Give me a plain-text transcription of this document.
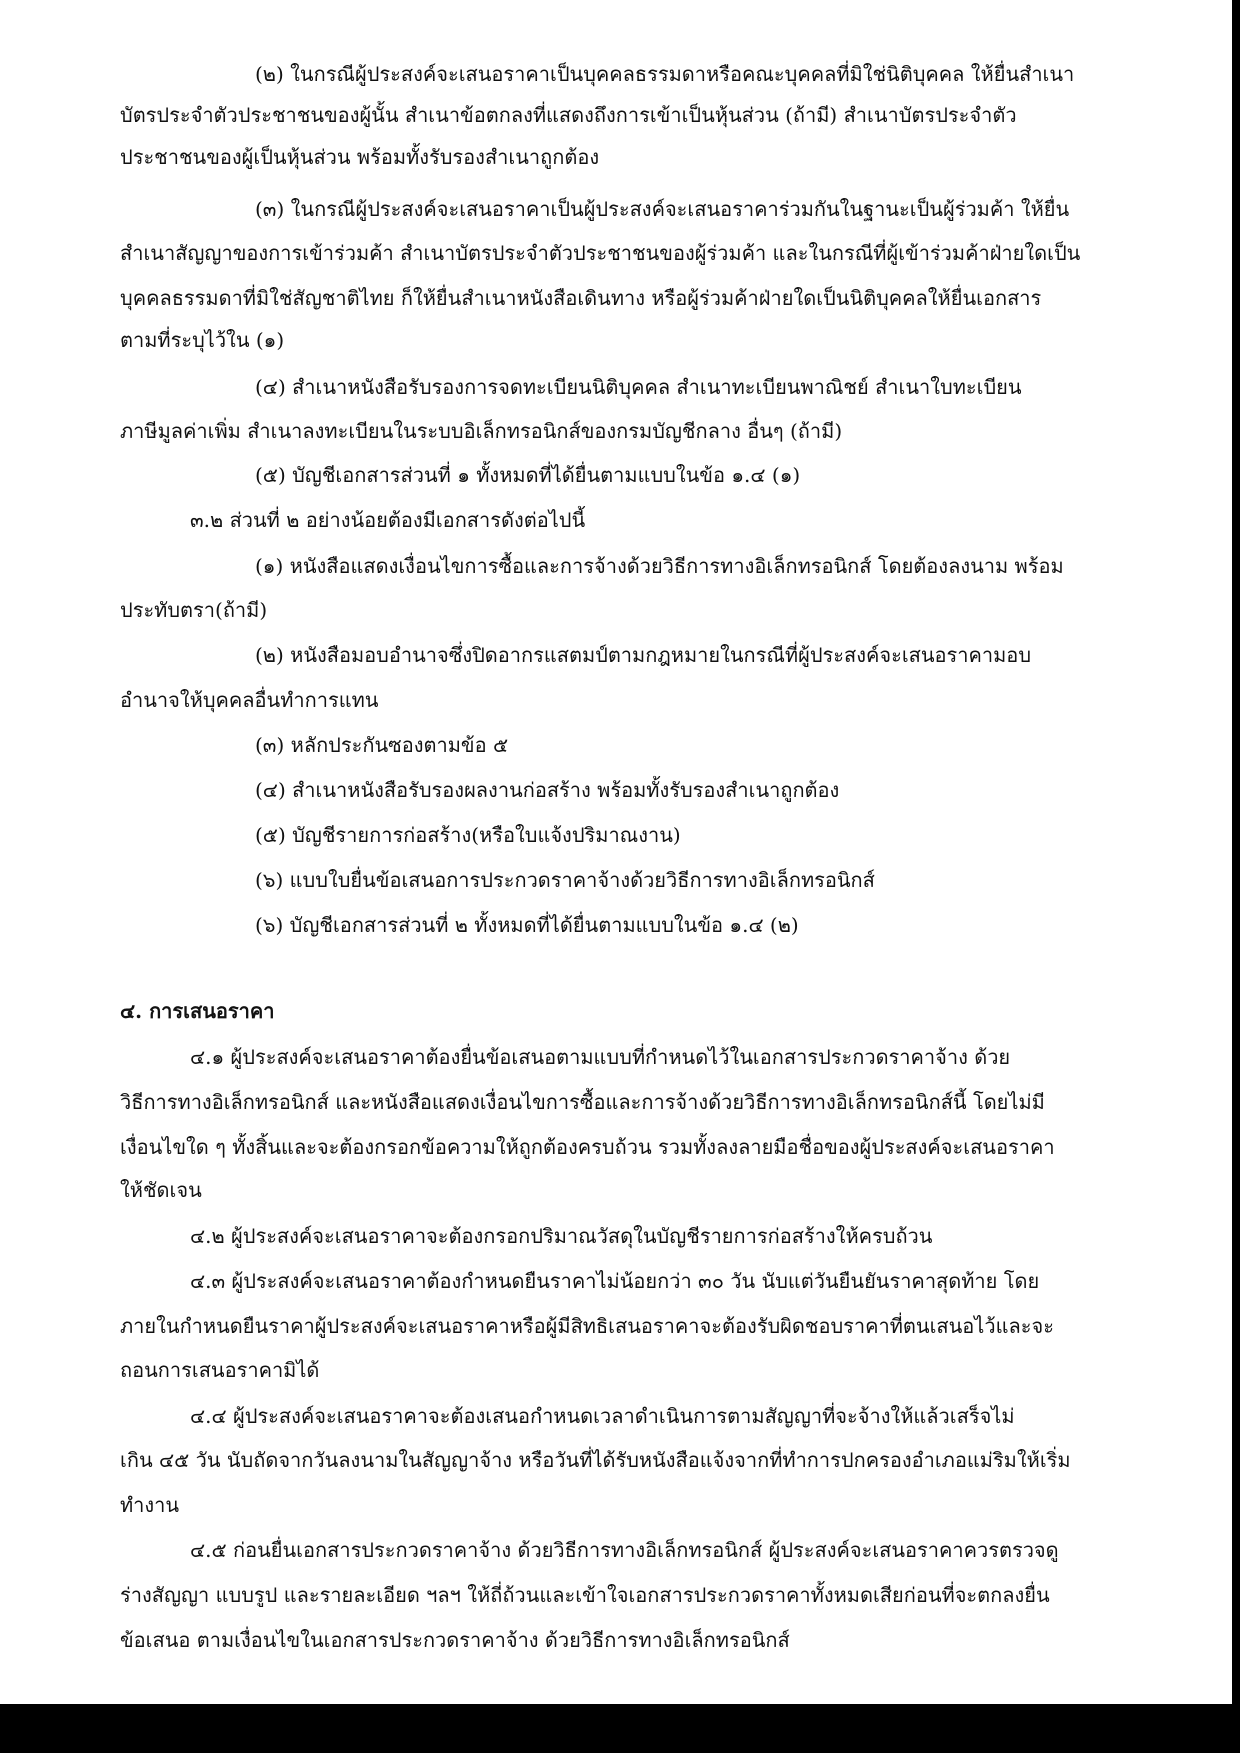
(๒) ในกรณีผู้ประสงค์จะเสนอราคาเป็นบุคคลธรรมดาหรือคณะบุคคลที่มิใช่นิติบุคคล ให้ยื่นสำเนา
บัตรประจำตัวประชาชนของผู้นั้น สำเนาข้อตกลงที่แสดงถึงการเข้าเป็นหุ้นส่วน (ถ้ามี) สำเนาบัตรประจำตัว
ประชาชนของผู้เป็นหุ้นส่วน พร้อมทั้งรับรองสำเนาถูกต้อง
(๓) ในกรณีผู้ประสงค์จะเสนอราคาเป็นผู้ประสงค์จะเสนอราคาร่วมกันในฐานะเป็นผู้ร่วมค้า ให้ยื่น
สำเนาสัญญาของการเข้าร่วมค้า สำเนาบัตรประจำตัวประชาชนของผู้ร่วมค้า และในกรณีที่ผู้เข้าร่วมค้าฝ่ายใดเป็น
บุคคลธรรมดาที่มิใช่สัญชาติไทย ก็ให้ยื่นสำเนาหนังสือเดินทาง หรือผู้ร่วมค้าฝ่ายใดเป็นนิติบุคคลให้ยื่นเอกสาร
ตามที่ระบุไว้ใน (๑)
(๔) สำเนาหนังสือรับรองการจดทะเบียนนิติบุคคล สำเนาทะเบียนพาณิชย์ สำเนาใบทะเบียน
ภาษีมูลค่าเพิ่ม สำเนาลงทะเบียนในระบบอิเล็กทรอนิกส์ของกรมบัญชีกลาง อื่นๆ (ถ้ามี)
(๕) บัญชีเอกสารส่วนที่ ๑ ทั้งหมดที่ได้ยื่นตามแบบในข้อ ๑.๔ (๑)
๓.๒ ส่วนที่ ๒ อย่างน้อยต้องมีเอกสารดังต่อไปนี้
(๑) หนังสือแสดงเงื่อนไขการซื้อและการจ้างด้วยวิธีการทางอิเล็กทรอนิกส์ โดยต้องลงนาม พร้อม
ประทับตรา(ถ้ามี)
(๒) หนังสือมอบอำนาจซึ่งปิดอากรแสตมป์ตามกฎหมายในกรณีที่ผู้ประสงค์จะเสนอราคามอบ
อำนาจให้บุคคลอื่นทำการแทน
(๓) หลักประกันซองตามข้อ ๕
(๔) สำเนาหนังสือรับรองผลงานก่อสร้าง พร้อมทั้งรับรองสำเนาถูกต้อง
(๕) บัญชีรายการก่อสร้าง(หรือใบแจ้งปริมาณงาน)
(๖) แบบใบยื่นข้อเสนอการประกวดราคาจ้างด้วยวิธีการทางอิเล็กทรอนิกส์
(๖) บัญชีเอกสารส่วนที่ ๒ ทั้งหมดที่ได้ยื่นตามแบบในข้อ ๑.๔ (๒)
๔. การเสนอราคา
๔.๑ ผู้ประสงค์จะเสนอราคาต้องยื่นข้อเสนอตามแบบที่กำหนดไว้ในเอกสารประกวดราคาจ้าง ด้วย
วิธีการทางอิเล็กทรอนิกส์ และหนังสือแสดงเงื่อนไขการซื้อและการจ้างด้วยวิธีการทางอิเล็กทรอนิกส์นี้ โดยไม่มี
เงื่อนไขใด ๆ ทั้งสิ้นและจะต้องกรอกข้อความให้ถูกต้องครบถ้วน รวมทั้งลงลายมือชื่อของผู้ประสงค์จะเสนอราคา
ให้ชัดเจน
๔.๒ ผู้ประสงค์จะเสนอราคาจะต้องกรอกปริมาณวัสดุในบัญชีรายการก่อสร้างให้ครบถ้วน
๔.๓ ผู้ประสงค์จะเสนอราคาต้องกำหนดยืนราคาไม่น้อยกว่า ๓๐ วัน นับแต่วันยืนยันราคาสุดท้าย โดย
ภายในกำหนดยืนราคาผู้ประสงค์จะเสนอราคาหรือผู้มีสิทธิเสนอราคาจะต้องรับผิดชอบราคาที่ตนเสนอไว้และจะ
ถอนการเสนอราคามิได้
๔.๔ ผู้ประสงค์จะเสนอราคาจะต้องเสนอกำหนดเวลาดำเนินการตามสัญญาที่จะจ้างให้แล้วเสร็จไม่
เกิน ๔๕ วัน นับถัดจากวันลงนามในสัญญาจ้าง หรือวันที่ได้รับหนังสือแจ้งจากที่ทำการปกครองอำเภอแม่ริมให้เริ่ม
ทำงาน
๔.๕ ก่อนยื่นเอกสารประกวดราคาจ้าง ด้วยวิธีการทางอิเล็กทรอนิกส์ ผู้ประสงค์จะเสนอราคาควรตรวจดู
ร่างสัญญา แบบรูป และรายละเอียด ฯลฯ ให้ถี่ถ้วนและเข้าใจเอกสารประกวดราคาทั้งหมดเสียก่อนที่จะตกลงยื่น
ข้อเสนอ ตามเงื่อนไขในเอกสารประกวดราคาจ้าง ด้วยวิธีการทางอิเล็กทรอนิกส์
